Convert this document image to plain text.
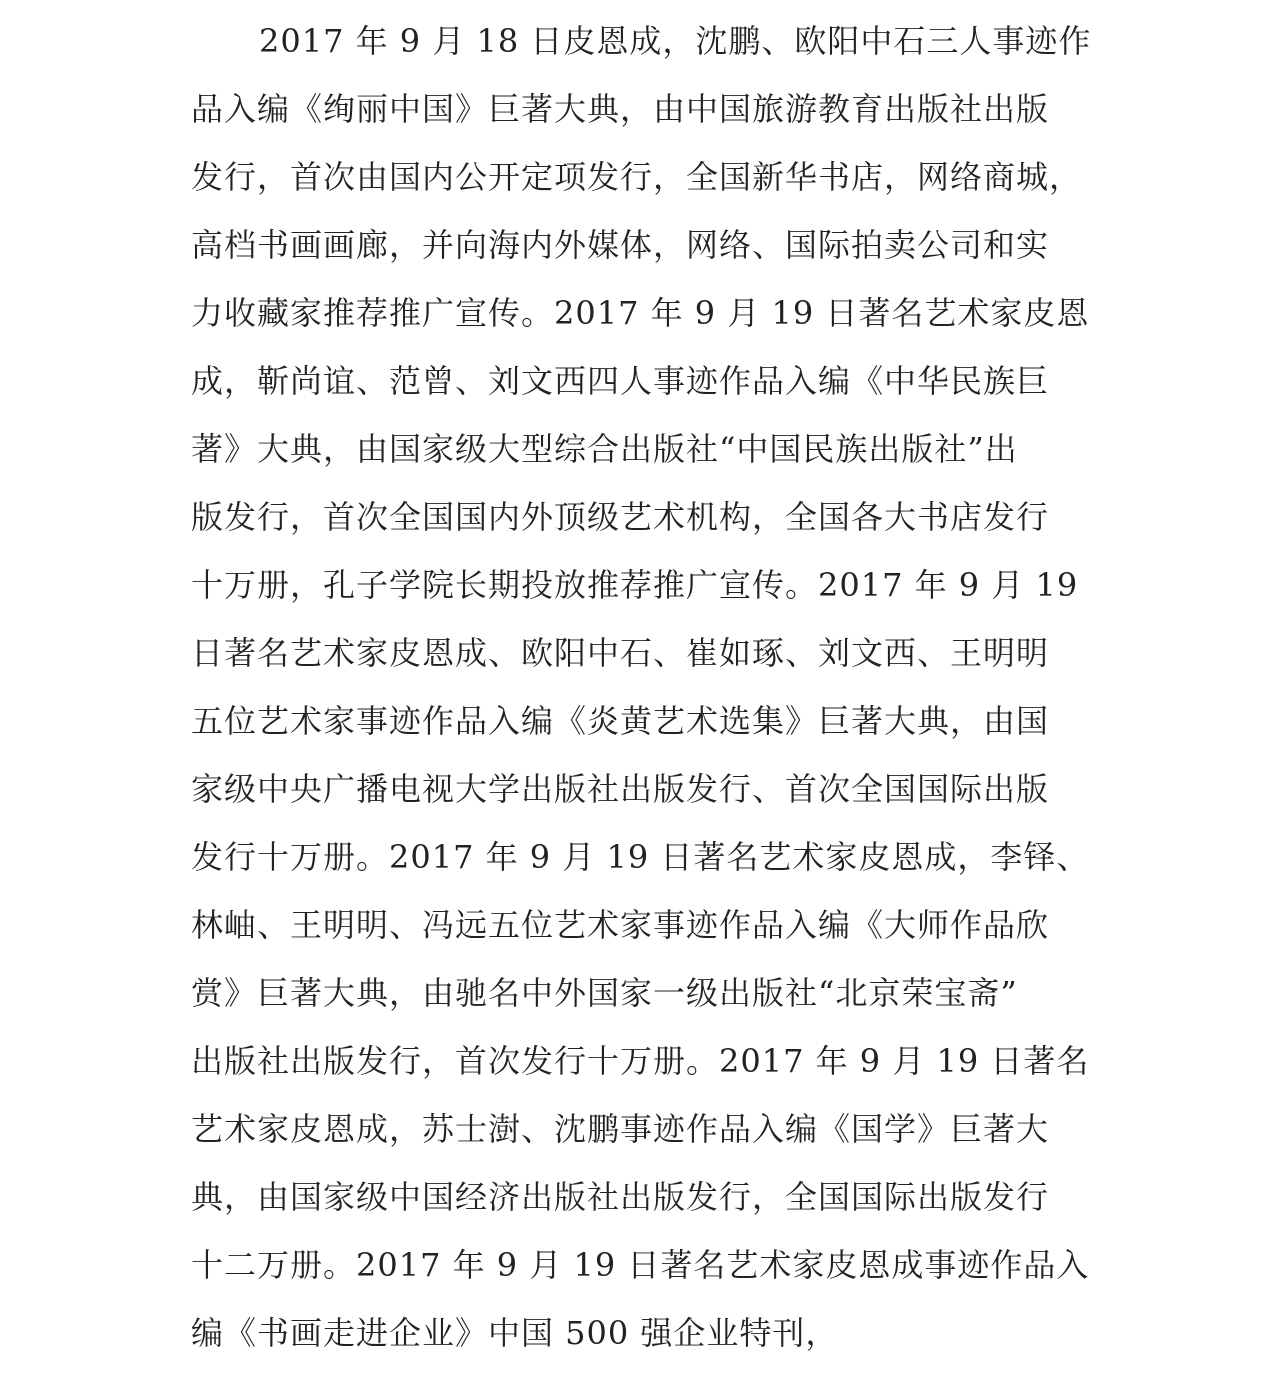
2017 年 9 月 18 日皮恩成，沈鹏、欧阳中石三人事迹作
品入编《绚丽中国》巨著大典，由中国旅游教育出版社出版
发行，首次由国内公开定项发行，全国新华书店，网络商城，
高档书画画廊，并向海内外媒体，网络、国际拍卖公司和实
力收藏家推荐推广宣传。2017 年 9 月 19 日著名艺术家皮恩
成，靳尚谊、范曾、刘文西四人事迹作品入编《中华民族巨
著》大典，由国家级大型综合出版社“中国民族出版社”出
版发行，首次全国国内外顶级艺术机构，全国各大书店发行
十万册，孔子学院长期投放推荐推广宣传。2017 年 9 月 19
日著名艺术家皮恩成、欧阳中石、崔如琢、刘文西、王明明
五位艺术家事迹作品入编《炎黄艺术选集》巨著大典，由国
家级中央广播电视大学出版社出版发行、首次全国国际出版
发行十万册。2017 年 9 月 19 日著名艺术家皮恩成，李铎、
林岫、王明明、冯远五位艺术家事迹作品入编《大师作品欣
赏》巨著大典，由驰名中外国家一级出版社“北京荣宝斋”
出版社出版发行，首次发行十万册。2017 年 9 月 19 日著名
艺术家皮恩成，苏士澍、沈鹏事迹作品入编《国学》巨著大
典，由国家级中国经济出版社出版发行，全国国际出版发行
十二万册。2017 年 9 月 19 日著名艺术家皮恩成事迹作品入
编《书画走进企业》中国 500 强企业特刊，
